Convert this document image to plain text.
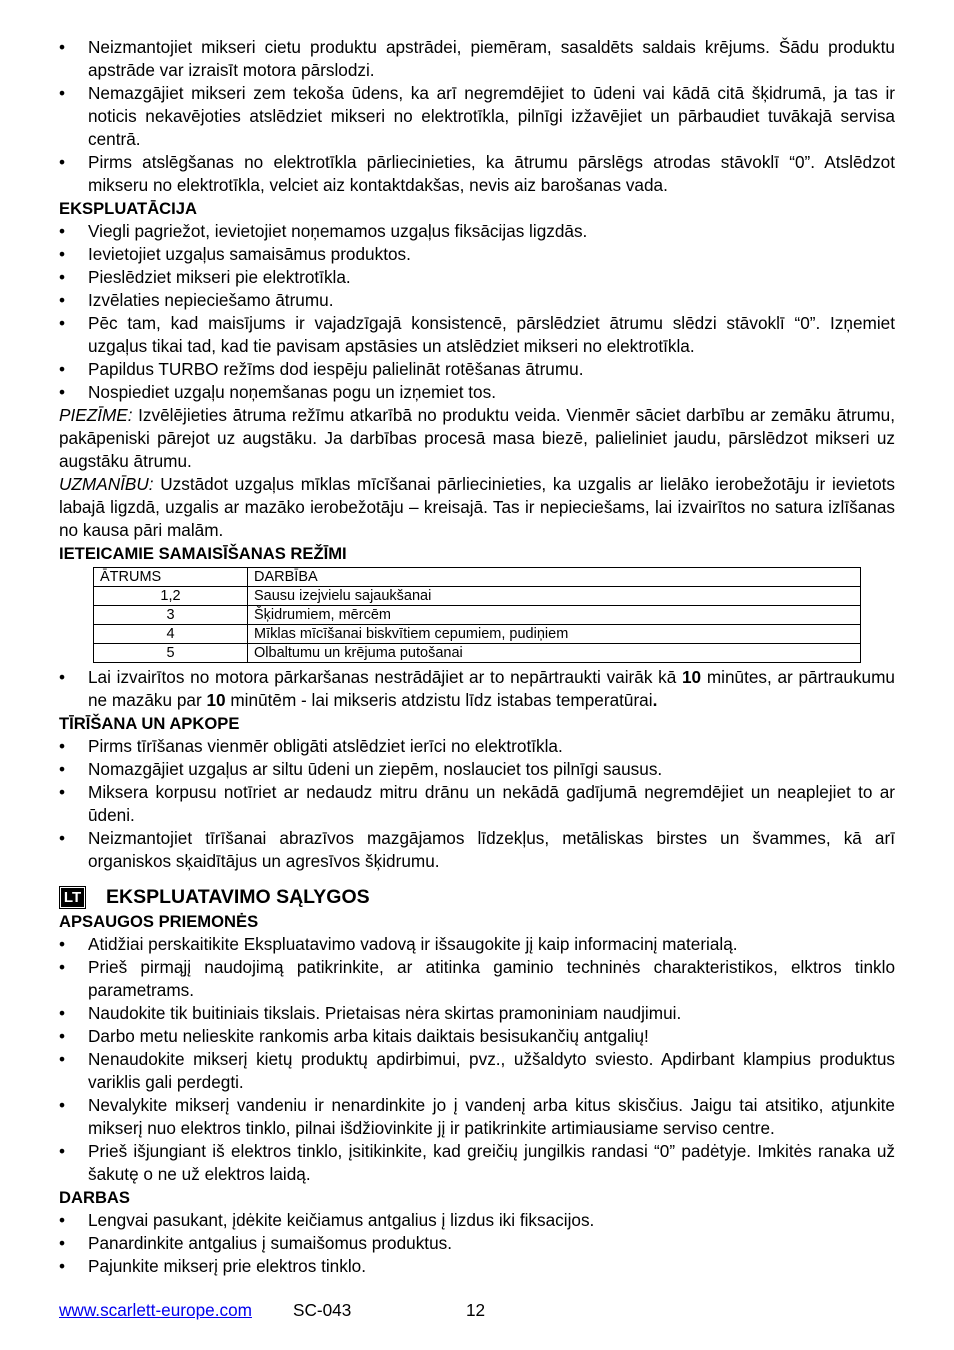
• Neizmantojiet mikseri cietu produktu apstrādei, piemēram, sasaldēts saldais krējums. Šādu produktu apstrāde var izraisīt motora pārslodzi.
• Nemazgājiet mikseri zem tekoša ūdens, ka arī negremdējiet to ūdeni vai kādā citā šķidrumā, ja tas ir noticis nekavējoties atslēdziet mikseri no elektrotīkla, pilnīgi izžavējiet un pārbaudiet tuvākajā servisa centrā.
• Pirms atslēgšanas no elektrotīkla pārliecinieties, ka ātrumu pārslēgs atrodas stāvoklī “0”. Atslēdzot mikseru no elektrotīkla, velciet aiz kontaktdakšas, nevis aiz barošanas vada.
EKSPLUATĀCIJA
• Viegli pagriežot, ievietojiet noņemamos uzgaļus fiksācijas ligzdās.
• Ievietojiet uzgaļus samaisāmus produktos.
• Pieslēdziet mikseri pie elektrotīkla.
• Izvēlaties nepieciešamo ātrumu.
• Pēc tam, kad maisījums ir vajadzīgajā konsistencē, pārslēdziet ātrumu slēdzi stāvoklī “0”. Izņemiet uzgaļus tikai tad, kad tie pavisam apstāsies un atslēdziet mikseri no elektrotīkla.
• Papildus TURBO režīms dod iespēju palielināt rotēšanas ātrumu.
• Nospiediet uzgaļu noņemšanas pogu un izņemiet tos.

PIEZĪME: Izvēlējieties ātruma režīmu atkarībā no produktu veida. Vienmēr sāciet darbību ar zemāku ātrumu, pakāpeniski pārejot uz augstāku. Ja darbības procesā masa biezē, palieliniet jaudu, pārslēdzot mikseri uz augstāku ātrumu.

UZMANĪBU: Uzstādot uzgaļus mīklas mīcīšanai pārliecinieties, ka uzgalis ar lielāko ierobežotāju ir ievietots labajā ligzdā, uzgalis ar mazāko ierobežotāju – kreisajā. Tas ir nepieciešams, lai izvairītos no satura izlīšanas no kausa pāri malām.

IETEICAMIE SAMAISĪŠANAS REŽĪMI
ĀTRUMS	DARBĪBA
1,2	Sausu izejvielu sajaukšanai
3	Šķidrumiem, mērcēm
4	Mīklas mīcīšanai biskvītiem cepumiem, pudiņiem
5	Olbaltumu un krējuma putošanai
• Lai izvairītos no motora pārkaršanas nestrādājiet ar to nepārtraukti vairāk kā 10 minūtes, ar pārtraukumu ne mazāku par 10 minūtēm - lai mikseris atdzistu līdz istabas temperatūrai.
TĪRĪŠANA UN APKOPE
• Pirms tīrīšanas vienmēr obligāti atslēdziet ierīci no elektrotīkla.
• Nomazgājiet uzgaļus ar siltu ūdeni un ziepēm, noslauciet tos pilnīgi sausus.
• Miksera korpusu notīriet ar nedaudz mitru drānu un nekādā gadījumā negremdējiet un neaplejiet to ar ūdeni.
• Neizmantojiet tīrīšanai abrazīvos mazgājamos līdzekļus, metāliskas birstes un švammes, kā arī organiskos sķaidītājus un agresīvos šķidrumu.
LT EKSPLUATAVIMO SĄLYGOS
APSAUGOS PRIEMONĖS
• Atidžiai perskaitikite Ekspluatavimo vadovą ir išsaugokite jį kaip informacinį materialą.
• Prieš pirmąjį naudojimą patikrinkite, ar atitinka gaminio techninės charakteristikos, elktros tinklo parametrams.
• Naudokite tik buitiniais tikslais. Prietaisas nėra skirtas pramoniniam naudjimui.
• Darbo metu nelieskite rankomis arba kitais daiktais besisukančių antgalių!
• Nenaudokite mikserį kietų produktų apdirbimui, pvz., užšaldyto sviesto. Apdirbant klampius produktus variklis gali perdegti.
• Nevalykite mikserį vandeniu ir nenardinkite jo į vandenį arba kitus skisčius. Jaigu tai atsitiko, atjunkite mikserį nuo elektros tinklo, pilnai išdžiovinkite jį ir patikrinkite artimiausiame serviso centre.
• Prieš išjungiant iš elektros tinklo, įsitikinkite, kad greičių jungilkis randasi “0” padėtyje. Imkitės ranaka už šakutę o ne už elektros laidą.
DARBAS
• Lengvai pasukant, įdėkite keičiamus antgalius į lizdus iki fiksacijos.
• Panardinkite antgalius į sumaišomus produktus.
• Pajunkite mikserį prie elektros tinklo.
www.scarlett-europe.com SC-043	12
